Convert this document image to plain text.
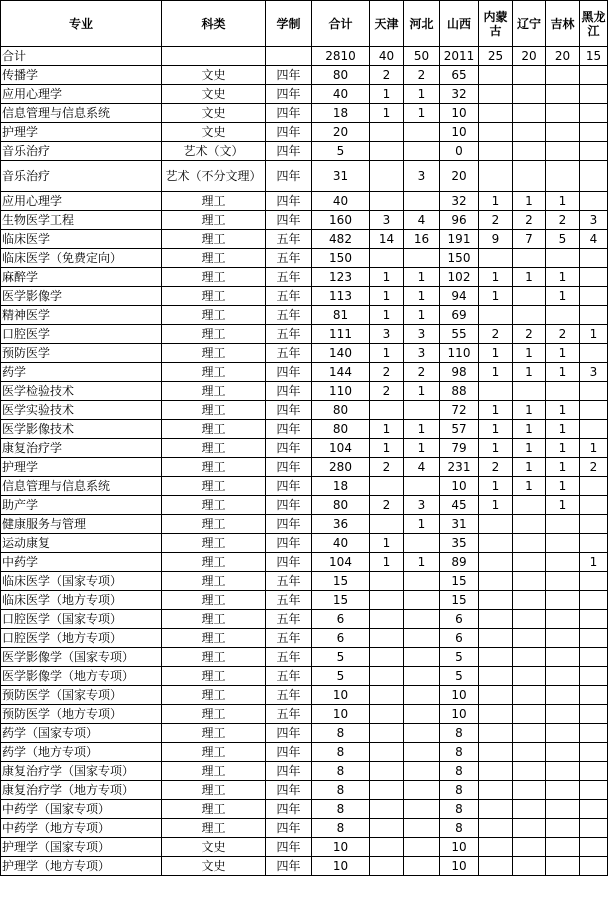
专业	科类	学制	合计	天津	河北	山西	内蒙古	辽宁	吉林	黑龙江
合计			2810	40	50	2011	25	20	20	15
传播学	文史	四年	80	2	2	65				
应用心理学	文史	四年	40	1	1	32				
信息管理与信息系统	文史	四年	18	1	1	10				
护理学	文史	四年	20			10				
音乐治疗	艺术（文）	四年	5			0				
音乐治疗	艺术（不分文理）	四年	31		3	20				
应用心理学	理工	四年	40			32	1	1	1	
生物医学工程	理工	四年	160	3	4	96	2	2	2	3
临床医学	理工	五年	482	14	16	191	9	7	5	4
临床医学（免费定向）	理工	五年	150			150				
麻醉学	理工	五年	123	1	1	102	1	1	1	
医学影像学	理工	五年	113	1	1	94	1		1	
精神医学	理工	五年	81	1	1	69				
口腔医学	理工	五年	111	3	3	55	2	2	2	1
预防医学	理工	五年	140	1	3	110	1	1	1	
药学	理工	四年	144	2	2	98	1	1	1	3
医学检验技术	理工	四年	110	2	1	88				
医学实验技术	理工	四年	80			72	1	1	1	
医学影像技术	理工	四年	80	1	1	57	1	1	1	
康复治疗学	理工	四年	104	1	1	79	1	1	1	1
护理学	理工	四年	280	2	4	231	2	1	1	2
信息管理与信息系统	理工	四年	18			10	1	1	1	
助产学	理工	四年	80	2	3	45	1		1	
健康服务与管理	理工	四年	36		1	31				
运动康复	理工	四年	40	1		35				
中药学	理工	四年	104	1	1	89				1
临床医学（国家专项）	理工	五年	15			15				
临床医学（地方专项）	理工	五年	15			15				
口腔医学（国家专项）	理工	五年	6			6				
口腔医学（地方专项）	理工	五年	6			6				
医学影像学（国家专项）	理工	五年	5			5				
医学影像学（地方专项）	理工	五年	5			5				
预防医学（国家专项）	理工	五年	10			10				
预防医学（地方专项）	理工	五年	10			10				
药学（国家专项）	理工	四年	8			8				
药学（地方专项）	理工	四年	8			8				
康复治疗学（国家专项）	理工	四年	8			8				
康复治疗学（地方专项）	理工	四年	8			8				
中药学（国家专项）	理工	四年	8			8				
中药学（地方专项）	理工	四年	8			8				
护理学（国家专项）	文史	四年	10			10				
护理学（地方专项）	文史	四年	10			10				
